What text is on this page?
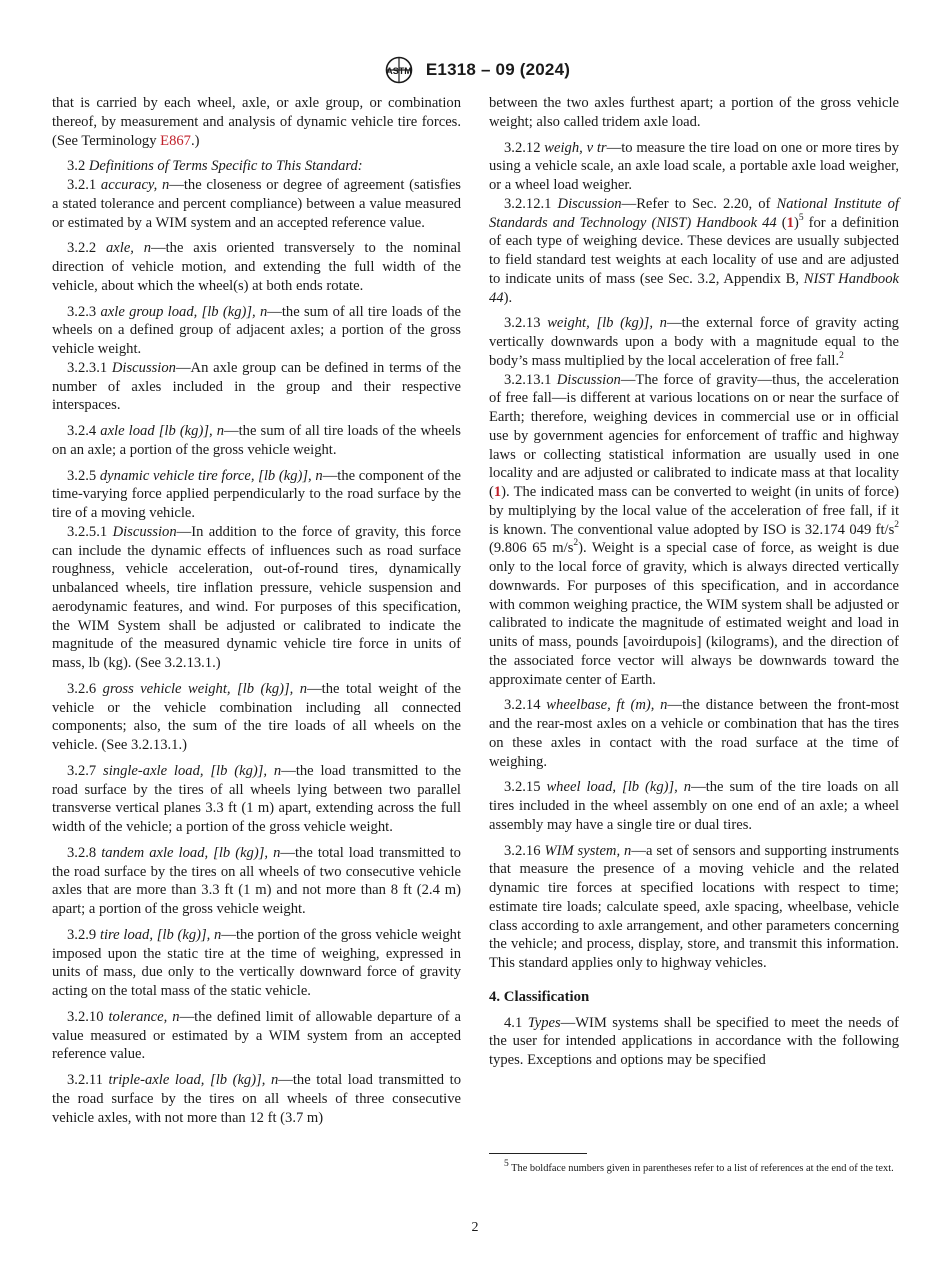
ASTM E1318 – 09 (2024)

that is carried by each wheel, axle, or axle group, or combination thereof, by measurement and analysis of dynamic vehicle tire forces. (See Terminology E867.)

3.2 Definitions of Terms Specific to This Standard:

3.2.1 accuracy, n—the closeness or degree of agreement (satisfies a stated tolerance and percent compliance) between a value measured or estimated by a WIM system and an accepted reference value.

3.2.2 axle, n—the axis oriented transversely to the nominal direction of vehicle motion, and extending the full width of the vehicle, about which the wheel(s) at both ends rotate.

3.2.3 axle group load, [lb (kg)], n—the sum of all tire loads of the wheels on a defined group of adjacent axles; a portion of the gross vehicle weight.

3.2.3.1 Discussion—An axle group can be defined in terms of the number of axles included in the group and their respective interspaces.

3.2.4 axle load [lb (kg)], n—the sum of all tire loads of the wheels on an axle; a portion of the gross vehicle weight.

3.2.5 dynamic vehicle tire force, [lb (kg)], n—the component of the time-varying force applied perpendicularly to the road surface by the tire of a moving vehicle.

3.2.5.1 Discussion—In addition to the force of gravity, this force can include the dynamic effects of influences such as road surface roughness, vehicle acceleration, out-of-round tires, dynamically unbalanced wheels, tire inflation pressure, vehicle suspension and aerodynamic features, and wind. For purposes of this specification, the WIM System shall be adjusted or calibrated to indicate the magnitude of the measured dynamic vehicle tire force in units of mass, lb (kg). (See 3.2.13.1.)

3.2.6 gross vehicle weight, [lb (kg)], n—the total weight of the vehicle or the vehicle combination including all connected components; also, the sum of the tire loads of all wheels on the vehicle. (See 3.2.13.1.)

3.2.7 single-axle load, [lb (kg)], n—the load transmitted to the road surface by the tires of all wheels lying between two parallel transverse vertical planes 3.3 ft (1 m) apart, extending across the full width of the vehicle; a portion of the gross vehicle weight.

3.2.8 tandem axle load, [lb (kg)], n—the total load transmitted to the road surface by the tires on all wheels of two consecutive vehicle axles that are more than 3.3 ft (1 m) and not more than 8 ft (2.4 m) apart; a portion of the gross vehicle weight.

3.2.9 tire load, [lb (kg)], n—the portion of the gross vehicle weight imposed upon the static tire at the time of weighing, expressed in units of mass, due only to the vertically downward force of gravity acting on the total mass of the static vehicle.

3.2.10 tolerance, n—the defined limit of allowable departure of a value measured or estimated by a WIM system from an accepted reference value.

3.2.11 triple-axle load, [lb (kg)], n—the total load transmitted to the road surface by the tires on all wheels of three consecutive vehicle axles, with not more than 12 ft (3.7 m)

between the two axles furthest apart; a portion of the gross vehicle weight; also called tridem axle load.

3.2.12 weigh, v tr—to measure the tire load on one or more tires by using a vehicle scale, an axle load scale, a portable axle load weigher, or a wheel load weigher.

3.2.12.1 Discussion—Refer to Sec. 2.20, of National Institute of Standards and Technology (NIST) Handbook 44 $(1)^5$ for a definition of each type of weighing device. These devices are usually subjected to field standard test weights at each locality of use and are adjusted to indicate units of mass (see Sec. 3.2, Appendix B, NIST Handbook 44).

3.2.13 weight, [lb (kg)], n—the external force of gravity acting vertically downwards upon a body with a magnitude equal to the body’s mass multiplied by the local acceleration of free fall.$^2$

3.2.13.1 Discussion—The force of gravity—thus, the acceleration of free fall—is different at various locations on or near the surface of Earth; therefore, weighing devices in commercial use or in official use by government agencies for enforcement of traffic and highway laws or collecting statistical information are usually used in one locality and are adjusted or calibrated to indicate mass at that locality (1). The indicated mass can be converted to weight (in units of force) by multiplying by the local value of the acceleration of free fall, if it is known. The conventional value adopted by ISO is 32.174 049 $ft/s^2$ (9.806 65 $m/s^2$). Weight is a special case of force, as weight is due only to the local force of gravity, which is always directed vertically downwards. For purposes of this specification, and in accordance with common weighing practice, the WIM system shall be adjusted or calibrated to indicate the magnitude of estimated weight and load in units of mass, pounds [avoirdupois] (kilograms), and the direction of the associated force vector will always be downwards toward the approximate center of Earth.

3.2.14 wheelbase, ft (m), n—the distance between the front-most and the rear-most axles on a vehicle or combination that has the tires on these axles in contact with the road surface at the time of weighing.

3.2.15 wheel load, [lb (kg)], n—the sum of the tire loads on all tires included in the wheel assembly on one end of an axle; a wheel assembly may have a single tire or dual tires.

3.2.16 WIM system, n—a set of sensors and supporting instruments that measure the presence of a moving vehicle and the related dynamic tire forces at specified locations with respect to time; estimate tire loads; calculate speed, axle spacing, wheelbase, vehicle class according to axle arrangement, and other parameters concerning the vehicle; and process, display, store, and transmit this information. This standard applies only to highway vehicles.

4. Classification

4.1 Types—WIM systems shall be specified to meet the needs of the user for intended applications in accordance with the following types. Exceptions and options may be specified

$^5$ The boldface numbers given in parentheses refer to a list of references at the end of the text.
2
